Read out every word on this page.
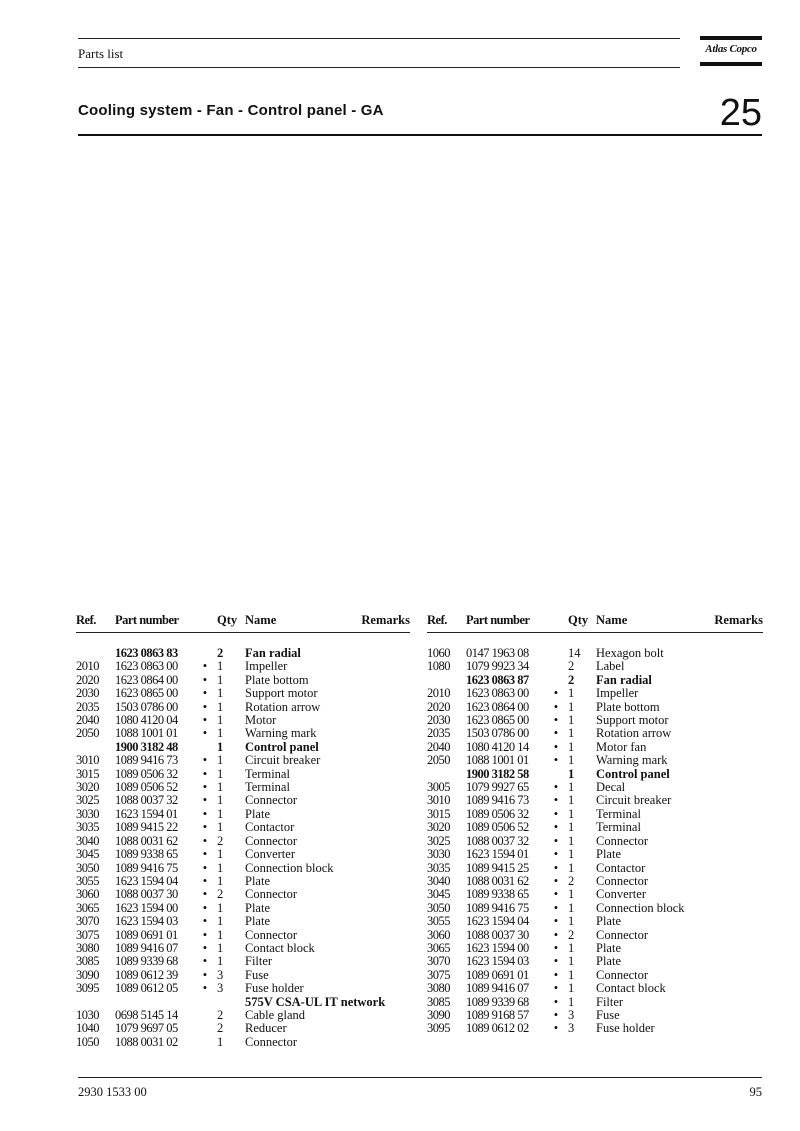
Parts list	Atlas Copco
Cooling system - Fan - Control panel - GA	25
Ref.	Part number		Qty	Name	Remarks
	1623 0863 83		2	Fan radial	
2010	1623 0863 00	•	1	Impeller	
2020	1623 0864 00	•	1	Plate bottom	
2030	1623 0865 00	•	1	Support motor	
2035	1503 0786 00	•	1	Rotation arrow	
2040	1080 4120 04	•	1	Motor	
2050	1088 1001 01	•	1	Warning mark	
	1900 3182 48		1	Control panel	
3010	1089 9416 73	•	1	Circuit breaker	
3015	1089 0506 32	•	1	Terminal	
3020	1089 0506 52	•	1	Terminal	
3025	1088 0037 32	•	1	Connector	
3030	1623 1594 01	•	1	Plate	
3035	1089 9415 22	•	1	Contactor	
3040	1088 0031 62	•	2	Connector	
3045	1089 9338 65	•	1	Converter	
3050	1089 9416 75	•	1	Connection block	
3055	1623 1594 04	•	1	Plate	
3060	1088 0037 30	•	2	Connector	
3065	1623 1594 00	•	1	Plate	
3070	1623 1594 03	•	1	Plate	
3075	1089 0691 01	•	1	Connector	
3080	1089 9416 07	•	1	Contact block	
3085	1089 9339 68	•	1	Filter	
3090	1089 0612 39	•	3	Fuse	
3095	1089 0612 05	•	3	Fuse holder	
				575V CSA-UL IT network	
1030	0698 5145 14		2	Cable gland	
1040	1079 9697 05		2	Reducer	
1050	1088 0031 02		1	Connector	
Ref.	Part number		Qty	Name	Remarks
1060	0147 1963 08		14	Hexagon bolt	
1080	1079 9923 34		2	Label	
	1623 0863 87		2	Fan radial	
2010	1623 0863 00	•	1	Impeller	
2020	1623 0864 00	•	1	Plate bottom	
2030	1623 0865 00	•	1	Support motor	
2035	1503 0786 00	•	1	Rotation arrow	
2040	1080 4120 14	•	1	Motor fan	
2050	1088 1001 01	•	1	Warning mark	
	1900 3182 58		1	Control panel	
3005	1079 9927 65	•	1	Decal	
3010	1089 9416 73	•	1	Circuit breaker	
3015	1089 0506 32	•	1	Terminal	
3020	1089 0506 52	•	1	Terminal	
3025	1088 0037 32	•	1	Connector	
3030	1623 1594 01	•	1	Plate	
3035	1089 9415 25	•	1	Contactor	
3040	1088 0031 62	•	2	Connector	
3045	1089 9338 65	•	1	Converter	
3050	1089 9416 75	•	1	Connection block	
3055	1623 1594 04	•	1	Plate	
3060	1088 0037 30	•	2	Connector	
3065	1623 1594 00	•	1	Plate	
3070	1623 1594 03	•	1	Plate	
3075	1089 0691 01	•	1	Connector	
3080	1089 9416 07	•	1	Contact block	
3085	1089 9339 68	•	1	Filter	
3090	1089 9168 57	•	3	Fuse	
3095	1089 0612 02	•	3	Fuse holder	
2930 1533 00	95
